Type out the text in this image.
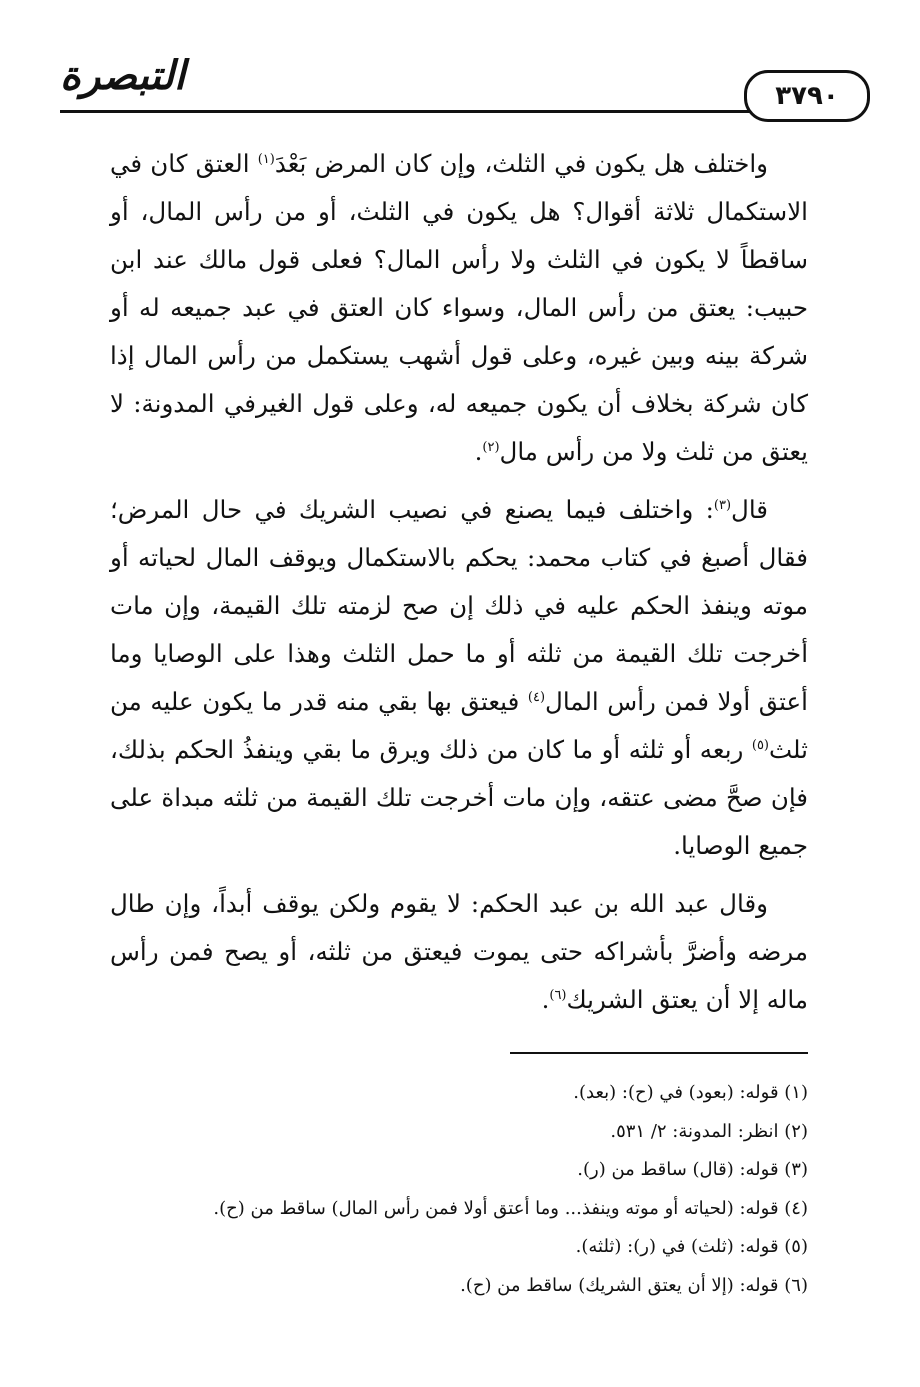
التبصرة	٣٧٩٠

واختلف هل يكون في الثلث، وإن كان المرض بَعْدَ$^{(١)}$ العتق كان في الاستكمال ثلاثة أقوال؟ هل يكون في الثلث، أو من رأس المال، أو ساقطاً لا يكون في الثلث ولا رأس المال؟ فعلى قول مالك عند ابن حبيب: يعتق من رأس المال، وسواء كان العتق في عبد جميعه له أو شركة بينه وبين غيره، وعلى قول أشهب يستكمل من رأس المال إذا كان شركة بخلاف أن يكون جميعه له، وعلى قول الغيرفي المدونة: لا يعتق من ثلث ولا من رأس مال$^{(٢)}$.

قال$^{(٣)}$: واختلف فيما يصنع في نصيب الشريك في حال المرض؛ فقال أصبغ في كتاب محمد: يحكم بالاستكمال ويوقف المال لحياته أو موته وينفذ الحكم عليه في ذلك إن صح لزمته تلك القيمة، وإن مات أخرجت تلك القيمة من ثلثه أو ما حمل الثلث وهذا على الوصايا وما أعتق أولا فمن رأس المال$^{(٤)}$ فيعتق بها بقي منه قدر ما يكون عليه من ثلث$^{(٥)}$ ربعه أو ثلثه أو ما كان من ذلك ويرق ما بقي وينفذُ الحكم بذلك، فإن صحَّ مضى عتقه، وإن مات أخرجت تلك القيمة من ثلثه مبداة على جميع الوصايا.

وقال عبد الله بن عبد الحكم: لا يقوم ولكن يوقف أبداً، وإن طال مرضه وأضرَّ بأشراكه حتى يموت فيعتق من ثلثه، أو يصح فمن رأس ماله إلا أن يعتق الشريك$^{(٦)}$.

(١) قوله: (بعود) في (ح): (بعد).
(٢) انظر: المدونة: ٢/ ٥٣١.
(٣) قوله: (قال) ساقط من (ر).
(٤) قوله: (لحياته أو موته وينفذ... وما أعتق أولا فمن رأس المال) ساقط من (ح).
(٥) قوله: (ثلث) في (ر): (ثلثه).
(٦) قوله: (إلا أن يعتق الشريك) ساقط من (ح).
